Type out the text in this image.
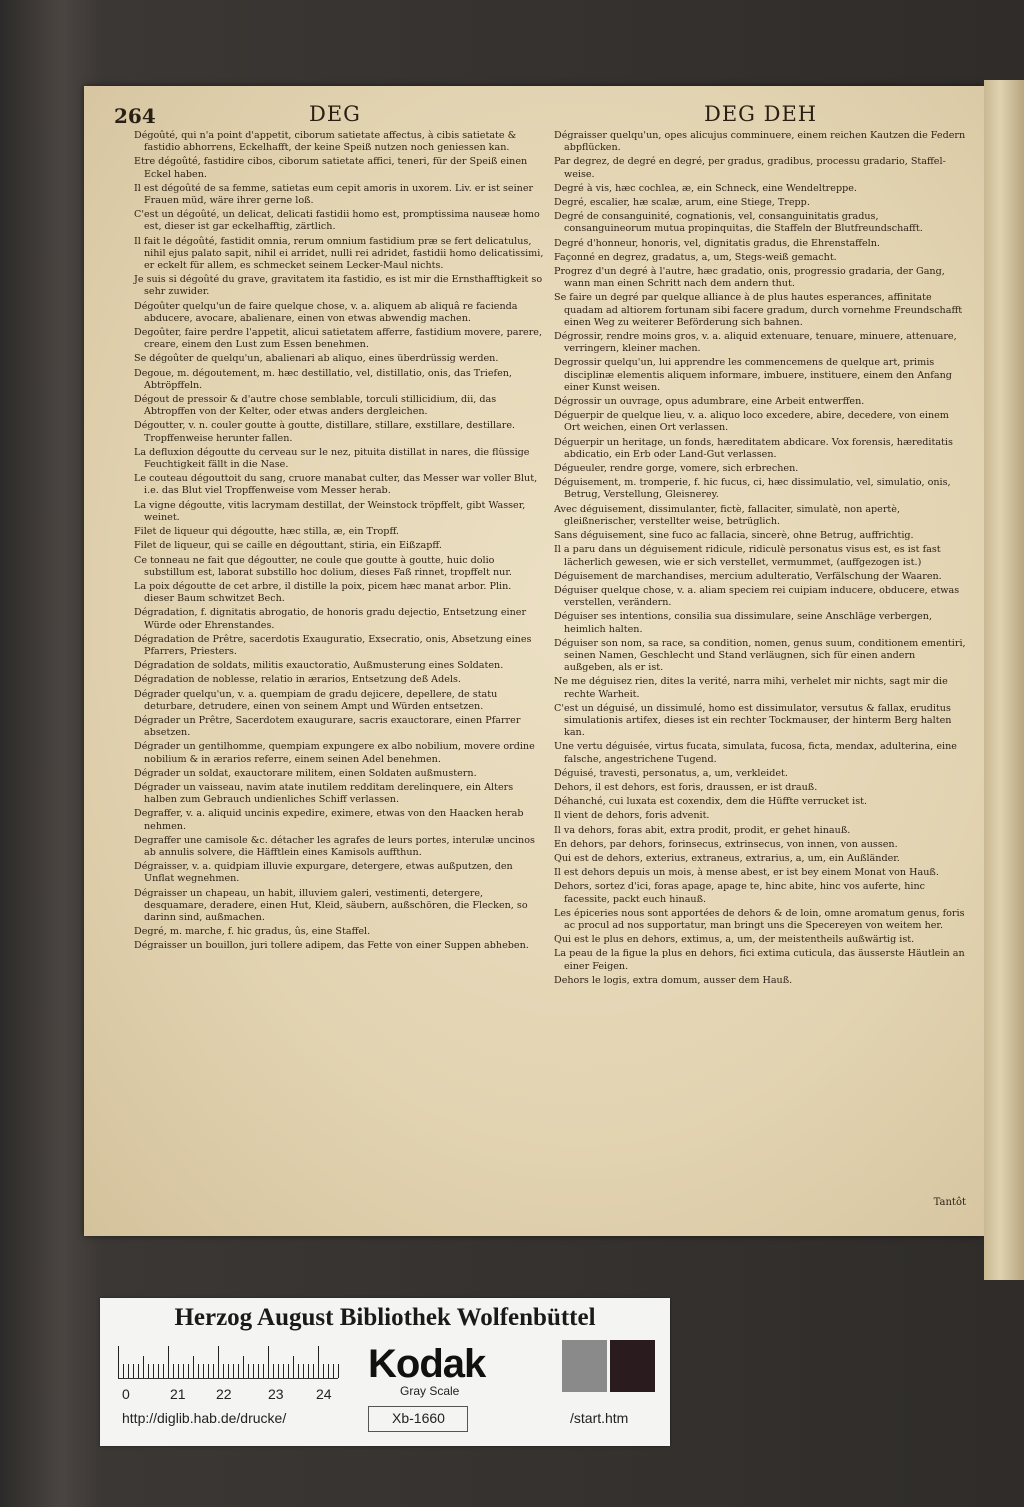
264	DEG	DEG DEH

Dégoûté, qui n'a point d'appetit, ciborum satietate affectus, à cibis satietate & fastidio abhorrens, Eckelhafft, der keine Speiß nutzen noch geniessen kan.

Etre dégoûté, fastidire cibos, ciborum satietate affici, teneri, für der Speiß einen Eckel haben.

Il est dégoûté de sa femme, satietas eum cepit amoris in uxorem. Liv. er ist seiner Frauen müd, wäre ihrer gerne loß.

C'est un dégoûté, un delicat, delicati fastidii homo est, promptissima nauseæ homo est, dieser ist gar eckelhafftig, zärtlich.

Il fait le dégoûté, fastidit omnia, rerum omnium fastidium præ se fert delicatulus, nihil ejus palato sapit, nihil ei arridet, nulli rei adridet, fastidii homo delicatissimi, er eckelt für allem, es schmecket seinem Lecker-Maul nichts.

Je suis si dégoûté du grave, gravitatem ita fastidio, es ist mir die Ernsthafftigkeit so sehr zuwider.

Dégoûter quelqu'un de faire quelque chose, v. a. aliquem ab aliquâ re facienda abducere, avocare, abalienare, einen von etwas abwendig machen.

Degoûter, faire perdre l'appetit, alicui satietatem afferre, fastidium movere, parere, creare, einem den Lust zum Essen benehmen.

Se dégoûter de quelqu'un, abalienari ab aliquo, eines überdrüssig werden.

Degoue, m. dégoutement, m. hæc destillatio, vel, distillatio, onis, das Triefen, Abtröpffeln.

Dégout de pressoir & d'autre chose semblable, torculi stillicidium, dii, das Abtropffen von der Kelter, oder etwas anders dergleichen.

Dégoutter, v. n. couler goutte à goutte, distillare, stillare, exstillare, destillare. Tropffenweise herunter fallen.

La defluxion dégoutte du cerveau sur le nez, pituita distillat in nares, die flüssige Feuchtigkeit fällt in die Nase.

Le couteau dégouttoit du sang, cruore manabat culter, das Messer war voller Blut, i.e. das Blut viel Tropffenweise vom Messer herab.

La vigne dégoutte, vitis lacrymam destillat, der Weinstock tröpffelt, gibt Wasser, weinet.

Filet de liqueur qui dégoutte, hæc stilla, æ, ein Tropff.

Filet de liqueur, qui se caille en dégouttant, stiria, ein Eißzapff.

Ce tonneau ne fait que dégoutter, ne coule que goutte à goutte, huic dolio substillum est, laborat substillo hoc dolium, dieses Faß rinnet, tropffelt nur.

La poix dégoutte de cet arbre, il distille la poix, picem hæc manat arbor. Plin. dieser Baum schwitzet Bech.

Dégradation, f. dignitatis abrogatio, de honoris gradu dejectio, Entsetzung einer Würde oder Ehrenstandes.

Dégradation de Prêtre, sacerdotis Exauguratio, Exsecratio, onis, Absetzung eines Pfarrers, Priesters.

Dégradation de soldats, militis exauctoratio, Außmusterung eines Soldaten.

Dégradation de noblesse, relatio in ærarios, Entsetzung deß Adels.

Dégrader quelqu'un, v. a. quempiam de gradu dejicere, depellere, de statu deturbare, detrudere, einen von seinem Ampt und Würden entsetzen.

Dégrader un Prêtre, Sacerdotem exaugurare, sacris exauctorare, einen Pfarrer absetzen.

Dégrader un gentilhomme, quempiam expungere ex albo nobilium, movere ordine nobilium & in ærarios referre, einem seinen Adel benehmen.

Dégrader un soldat, exauctorare militem, einen Soldaten außmustern.

Dégrader un vaisseau, navim atate inutilem redditam derelinquere, ein Alters halben zum Gebrauch undienliches Schiff verlassen.

Degraffer, v. a. aliquid uncinis expedire, eximere, etwas von den Haacken herab nehmen.

Degraffer une camisole &c. détacher les agrafes de leurs portes, interulæ uncinos ab annulis solvere, die Häfftlein eines Kamisols auffthun.

Dégraisser, v. a. quidpiam illuvie expurgare, detergere, etwas außputzen, den Unflat wegnehmen.

Dégraisser un chapeau, un habit, illuviem galeri, vestimenti, detergere, desquamare, deradere, einen Hut, Kleid, säubern, außschören, die Flecken, so darinn sind, außmachen.

Degré, m. marche, f. hic gradus, ûs, eine Staffel.

Dégraisser un bouillon, juri tollere adipem, das Fette von einer Suppen abheben.

Dégraisser quelqu'un, opes alicujus comminuere, einem reichen Kautzen die Federn abpflücken.

Par degrez, de degré en degré, per gradus, gradibus, processu gradario, Staffel-weise.

Degré à vis, hæc cochlea, æ, ein Schneck, eine Wendeltreppe.

Degré, escalier, hæ scalæ, arum, eine Stiege, Trepp.

Degré de consanguinité, cognationis, vel, consanguinitatis gradus, consanguineorum mutua propinquitas, die Staffeln der Blutfreundschafft.

Degré d'honneur, honoris, vel, dignitatis gradus, die Ehrenstaffeln.

Façonné en degrez, gradatus, a, um, Stegs-weiß gemacht.

Progrez d'un degré à l'autre, hæc gradatio, onis, progressio gradaria, der Gang, wann man einen Schritt nach dem andern thut.

Se faire un degré par quelque alliance à de plus hautes esperances, affinitate quadam ad altiorem fortunam sibi facere gradum, durch vornehme Freundschafft einen Weg zu weiterer Beförderung sich bahnen.

Dégrossir, rendre moins gros, v. a. aliquid extenuare, tenuare, minuere, attenuare, verringern, kleiner machen.

Degrossir quelqu'un, lui apprendre les commencemens de quelque art, primis disciplinæ elementis aliquem informare, imbuere, instituere, einem den Anfang einer Kunst weisen.

Dégrossir un ouvrage, opus adumbrare, eine Arbeit entwerffen.

Déguerpir de quelque lieu, v. a. aliquo loco excedere, abire, decedere, von einem Ort weichen, einen Ort verlassen.

Déguerpir un heritage, un fonds, hæreditatem abdicare. Vox forensis, hæreditatis abdicatio, ein Erb oder Land-Gut verlassen.

Dégueuler, rendre gorge, vomere, sich erbrechen.

Déguisement, m. tromperie, f. hic fucus, ci, hæc dissimulatio, vel, simulatio, onis, Betrug, Verstellung, Gleisnerey.

Avec déguisement, dissimulanter, fictè, fallaciter, simulatè, non apertè, gleißnerischer, verstellter weise, betrüglich.

Sans déguisement, sine fuco ac fallacia, sincerè, ohne Betrug, auffrichtig.

Il a paru dans un déguisement ridicule, ridiculè personatus visus est, es ist fast lächerlich gewesen, wie er sich verstellet, vermummet, (auffgezogen ist.)

Déguisement de marchandises, mercium adulteratio, Verfälschung der Waaren.

Déguiser quelque chose, v. a. aliam speciem rei cuipiam inducere, obducere, etwas verstellen, verändern.

Déguiser ses intentions, consilia sua dissimulare, seine Anschläge verbergen, heimlich halten.

Déguiser son nom, sa race, sa condition, nomen, genus suum, conditionem ementiri, seinen Namen, Geschlecht und Stand verläugnen, sich für einen andern außgeben, als er ist.

Ne me déguisez rien, dites la verité, narra mihi, verhelet mir nichts, sagt mir die rechte Warheit.

C'est un déguisé, un dissimulé, homo est dissimulator, versutus & fallax, eruditus simulationis artifex, dieses ist ein rechter Tockmauser, der hinterm Berg halten kan.

Une vertu déguisée, virtus fucata, simulata, fucosa, ficta, mendax, adulterina, eine falsche, angestrichene Tugend.

Déguisé, travesti, personatus, a, um, verkleidet.

Dehors, il est dehors, est foris, draussen, er ist drauß.

Déhanché, cui luxata est coxendix, dem die Hüffte verrucket ist.

Il vient de dehors, foris advenit.

Il va dehors, foras abit, extra prodit, prodit, er gehet hinauß.

En dehors, par dehors, forinsecus, extrinsecus, von innen, von aussen.

Qui est de dehors, exterius, extraneus, extrarius, a, um, ein Außländer.

Il est dehors depuis un mois, à mense abest, er ist bey einem Monat von Hauß.

Dehors, sortez d'ici, foras apage, apage te, hinc abite, hinc vos auferte, hinc facessite, packt euch hinauß.

Les épiceries nous sont apportées de dehors & de loin, omne aromatum genus, foris ac procul ad nos supportatur, man bringt uns die Specereyen von weitem her.

Qui est le plus en dehors, extimus, a, um, der meistentheils außwärtig ist.

La peau de la figue la plus en dehors, fici extima cuticula, das äusserste Häutlein an einer Feigen.

Dehors le logis, extra domum, ausser dem Hauß.

Tantôt
Herzog August Bibliothek Wolfenbüttel
0	21 22	23 24
Kodak
Gray Scale
http://diglib.hab.de/drucke/	Xb-1660	/start.htm
